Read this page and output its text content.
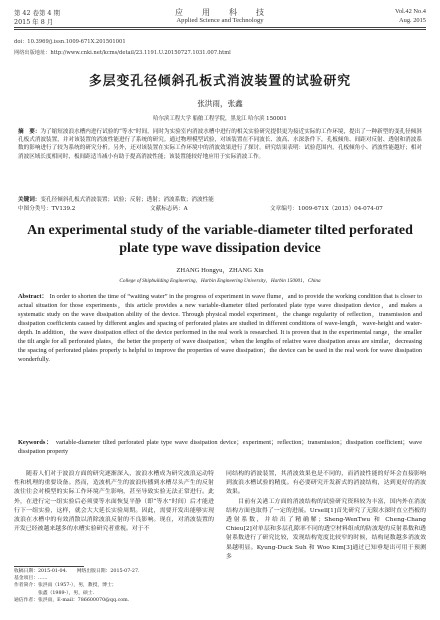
第 42 卷第 4 期
2015 年 8 月
应　　用　　科　　技
Applied Science and Technology
Vol.42 No.4
Aug. 2015
doi：10.3969/j.issn.1009-671X.201501001
网络出版地址：http://www.cnki.net/kcms/detail/23.1191.U.20150727.1031.007.html
多层变孔径倾斜孔板式消波装置的试验研究
张洪雨，张鑫
哈尔滨工程大学 船舶工程学院，黑龙江 哈尔滨 150001
摘　要：为了缩短波浪水槽内进行试验的“等水”时间，同时为实验室内消波水槽中进行的相关实验研究提供更为接近实际的工作环境，提出了一种新型的变孔径倾斜孔板式消波装置，并对该装置的消波性能进行了系统的研究。通过物理模型试验，对该装置在不同波长、波高、水深条件下，孔板倾角、间距对反射、透射和消波系数的影响进行了较为系统的研究分析。另外，还对该装置在实际工作环境中的消波效果进行了探讨。研究结果表明：试验范围内，孔板倾角小、消波性能越好；相对消波区域长度相同时，板间距适当减小有助于提高消波性能；该装置能较好地应用于实际消波工作。
关键词：变孔径倾斜孔板式消波装置；试验；反射；透射；消波系数；消波性能
中图分类号：TV139.2	文献标志码：A	文章编号：1009-671X（2015）04-074-07
An experimental study of the variable-diameter tilted perforated plate type wave dissipation device
ZHANG Hongyu，ZHANG Xin
College of Shipbuilding Engineering，Harbin Engineering University，Harbin 150001，China
Abstract： In order to shorten the time of “waiting water” in the progress of experiment in wave flume，and to provide the working condition that is closer to actual situation for those experiments，this article provides a new variable-diameter tilted perforated plate type wave dissipation device，and makes a systematic study on the wave dissipation ability of the device. Through physical model experiment，the change regularity of reflection，transmission and dissipation coefficients caused by different angles and spacing of perforated plates are studied in different conditions of wave-length，wave-height and water-depth. In addition，the wave dissipation effect of the device performed in the real work is researched. It is proven that in the experimental range，the smaller the tilt angle for all perforated plates，the better the property of wave dissipation；when the lengths of relative wave dissipation areas are similar，decreasing the spacing of perforated plates properly is helpful to improve the properties of wave dissipation；the device can be used in the real work for wave dissipation wonderfully.
Keywords： variable-diameter tilted perforated plate type wave dissipation device；experiment；reflection；transmission；dissipation coefficient；wave dissipation property
随着人们对于波浪方面的研究逐渐深入，波浪水槽成为研究波浪运动特性和机理的重要设备。然而，造波机产生的波浪传播到水槽尽头产生的反射波往往会对模型的实际工作环境产生影响，甚至导致实验无法正常进行。此外，在进行完一组实验后必须要等水面恢复平静（即“等水”时间）后才能进行下一组实验，这样，就会大大延长实验周期。因此，需要开发出能够实现波浪在水槽中的有效消散以消除波浪反射的不良影响。现在，对消波装置的开发已经被越来越多的水槽实验研究者重视。对于不
同结构的消波装置，其消波效果也是不同的，而消波性能的好坏会直接影响到波浪水槽试验的精度。有必要研究开发新式的消波结构，达到更好的消波效果。
　　目前有关港工方面的消波结构的试验研究资料较为丰富，国内外在消波结构方面也取得了一定的进展。Ursell[1]首先研究了无限水深时直立挡板的透射系数，并给出了精确解；Sheng-WenTwu 和 Cheng-Chang Chieu[2]对单层和多层孔隙率不同的透空材料组成的防波堤的反射系数和透射系数进行了研究比较，发现结构宽度比较窄的时候，结构尾数越多消波效果越明显。Kyung-Duck Suh 和 Woo Kim[3]通过已知垂堤出可用于预测多
收稿日期：2015-01-04.　　网络出版日期：2015-07-27.
基金项目：……
作者简介：张洪雨（1957-），男，教授，博士；
　　　　　张鑫（1989-），男，硕士.
通信作者：张洪雨，E-mail：786600070@qq.com.
